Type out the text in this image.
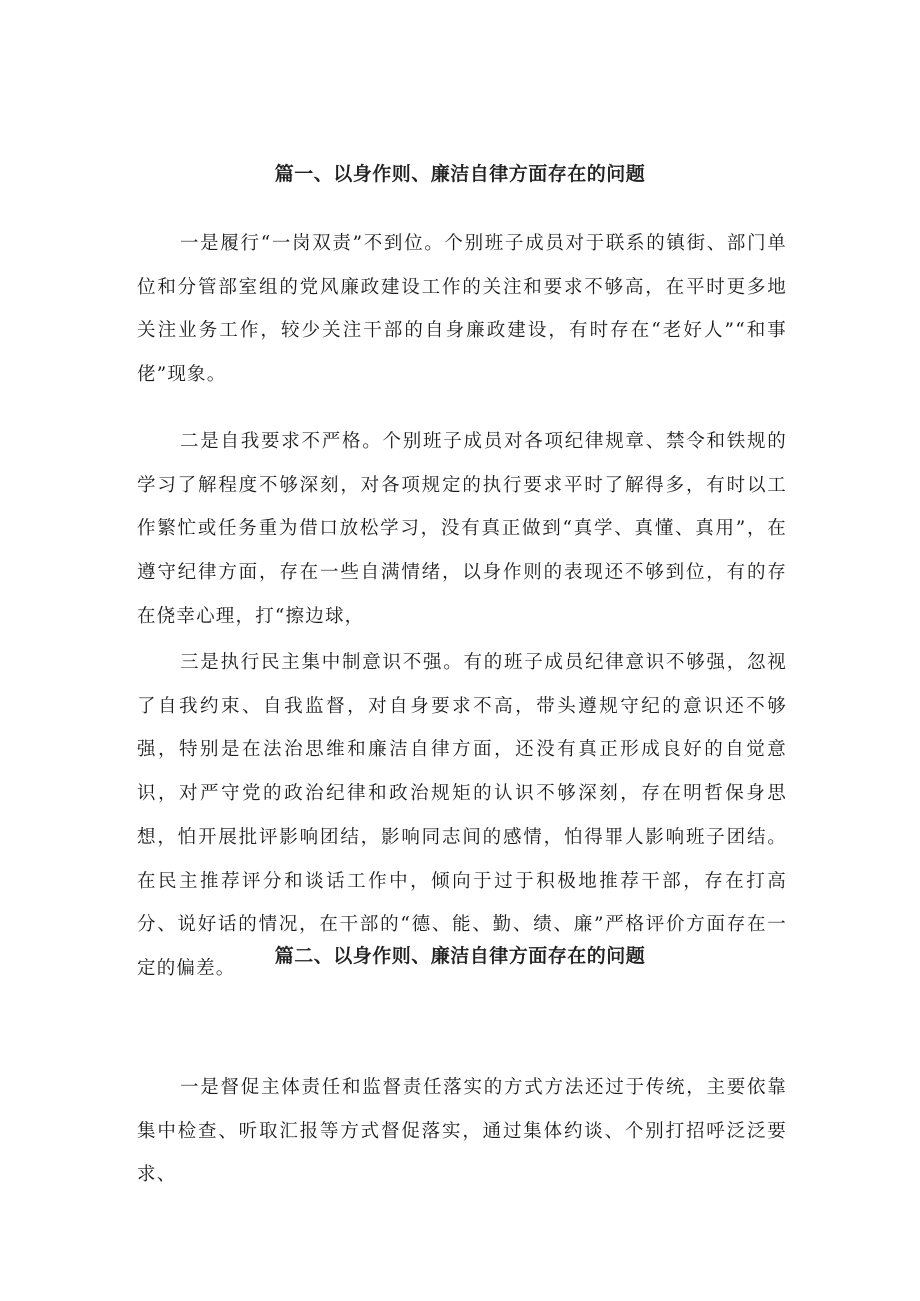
篇一、以身作则、廉洁自律方面存在的问题

一是履行“一岗双责”不到位。个别班子成员对于联系的镇街、部门单位和分管部室组的党风廉政建设工作的关注和要求不够高，在平时更多地关注业务工作，较少关注干部的自身廉政建设，有时存在“老好人”“和事佬”现象。

二是自我要求不严格。个别班子成员对各项纪律规章、禁令和铁规的学习了解程度不够深刻，对各项规定的执行要求平时了解得多，有时以工作繁忙或任务重为借口放松学习，没有真正做到“真学、真懂、真用”，在遵守纪律方面，存在一些自满情绪，以身作则的表现还不够到位，有的存在侥幸心理，打“擦边球，

三是执行民主集中制意识不强。有的班子成员纪律意识不够强，忽视了自我约束、自我监督，对自身要求不高，带头遵规守纪的意识还不够强，特别是在法治思维和廉洁自律方面，还没有真正形成良好的自觉意识，对严守党的政治纪律和政治规矩的认识不够深刻，存在明哲保身思想，怕开展批评影响团结，影响同志间的感情，怕得罪人影响班子团结。在民主推荐评分和谈话工作中，倾向于过于积极地推荐干部，存在打高分、说好话的情况，在干部的“德、能、勤、绩、廉”严格评价方面存在一定的偏差。

篇二、以身作则、廉洁自律方面存在的问题

一是督促主体责任和监督责任落实的方式方法还过于传统，主要依靠集中检查、听取汇报等方式督促落实，通过集体约谈、个别打招呼泛泛要求、
